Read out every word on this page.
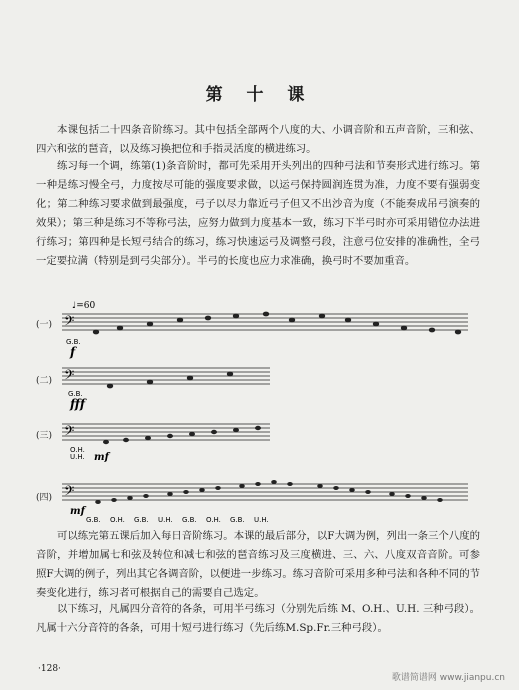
第 十 课

本课包括二十四条音阶练习。其中包括全部两个八度的大、小调音阶和五声音阶，三和弦、四六和弦的琶音，以及练习换把位和手指灵活度的横进练习。

练习每一个调，练第(1)条音阶时，都可先采用开头列出的四种弓法和节奏形式进行练习。第一种是练习慢全弓，力度按尽可能的强度要求做，以运弓保持圆润连贯为准，力度不要有强弱变化；第二种练习要求做到最强度，弓子以尽力靠近弓子但又不出沙音为度（不能奏成吊弓演奏的效果）；第三种是练习不等称弓法，应努力做到力度基本一致，练习下半弓时亦可采用错位办法进行练习；第四种是长短弓结合的练习，练习快速运弓及调整弓段，注意弓位安排的准确性，全弓一定要拉满（特别是到弓尖部分）。半弓的长度也应力求准确，换弓时不要加重音。

(一)
♩=60
𝄢
G.B.
f
(二) 𝄢
G.B.
fff
(三) 𝄢
O.H.
U.H. mf
(四) 𝄢
G.B. O.H. G.B. U.H. G.B. O.H. G.B. U.H.
mf

可以练完第五课后加入每日音阶练习。本课的最后部分，以F大调为例，列出一条三个八度的音阶，并增加属七和弦及转位和减七和弦的琶音练习及三度横进、三、六、八度双音音阶。可参照F大调的例子，列出其它各调音阶，以便进一步练习。练习音阶可采用多种弓法和各种不同的节奏变化进行，练习者可根据自己的需要自己选定。

以下练习，凡属四分音符的各条，可用半弓练习（分别先后练 M、O.H.、U.H. 三种弓段）。凡属十六分音符的各条，可用十短弓进行练习（先后练M.Sp.Fr.三种弓段）。

·128·
歌谱简谱网 www.jianpu.cn
